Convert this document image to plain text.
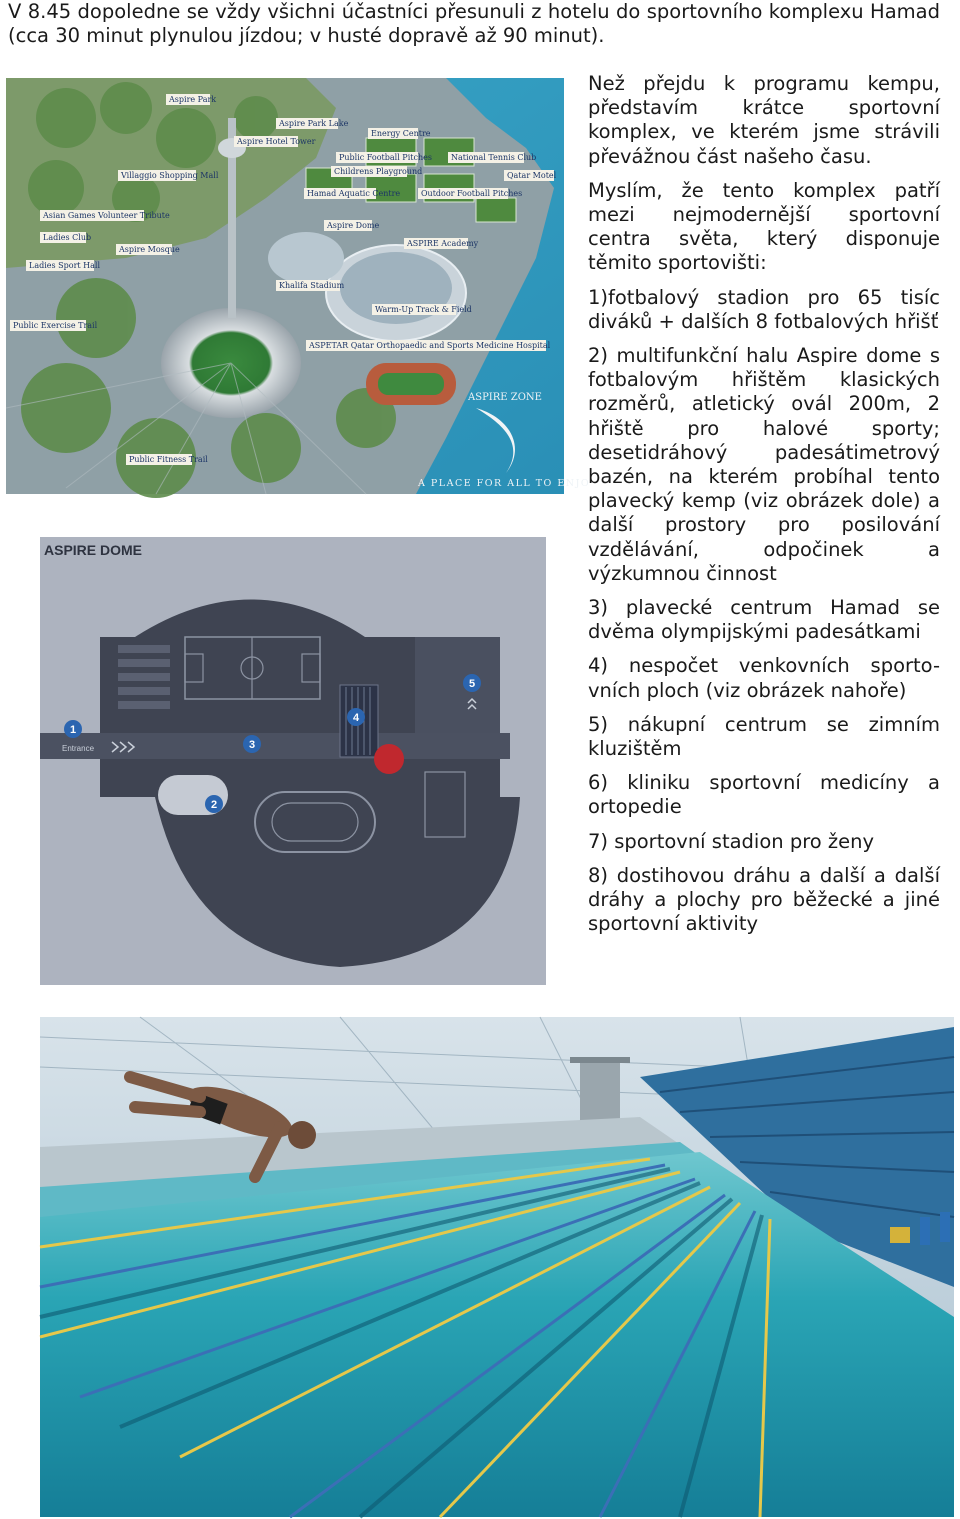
V 8.45 dopoledne se vždy všichni účastníci přesunuli z hotelu do sportovního komplexu Hamad (cca 30 minut plynulou jízdou; v husté dopravě až 90 minut).

Než přejdu k programu kempu, představím krátce sportovní komplex, ve kterém jsme strávili převážnou část našeho času.

Myslím, že tento komplex patří mezi nejmodernější sportovní centra světa, který disponuje těmito sportovišti:

1)fotbalový stadion pro 65 tisíc diváků + dalších 8 fotbalových hřišť

2) multifunkční halu Aspire dome s fotbalovým hřištěm klasických rozměrů, atletický ovál 200m, 2 hřiště pro halové sporty; desetidráhový padesátimetrový bazén, na kterém probíhal tento plavecký kemp (viz obrázek dole) a další prostory pro posilování vzdělávání, odpočinek a výzkumnou činnost

3) plavecké centrum Hamad se dvěma olympijskými padesátkami

4) nespočet venkovních sporto-vních ploch (viz obrázek nahoře)

5) nákupní centrum se zimním kluzištěm

6) kliniku sportovní medicíny a ortopedie

7) sportovní stadion pro ženy

8) dostihovou dráhu a další a další dráhy a plochy pro běžecké a jiné sportovní aktivity

Aspire Park
Aspire Park Lake
Energy Centre
Aspire Hotel Tower
Public Football Pitches National Tennis Club
Villaggio Shopping Mall	Childrens Playground
Outdoor Football Pitches
Khalifa Stadium
Hamad Aquatic Centre
Aspire Dome
ASPIRE Academy
Aspire Mosque
Asian Games Volunteer Tribute
Ladies Club
Ladies Sport Hall
Warm-Up Track & Field
ASPETAR Qatar Orthopaedic and Sports Medicine Hospital
Public Exercise Trail
Public Fitness Trail
Qatar Motel
ASPIRE ZONE
A PLACE FOR ALL TO ENJO
ASPIRE DOME
Entrance
1
2
3
4
5
